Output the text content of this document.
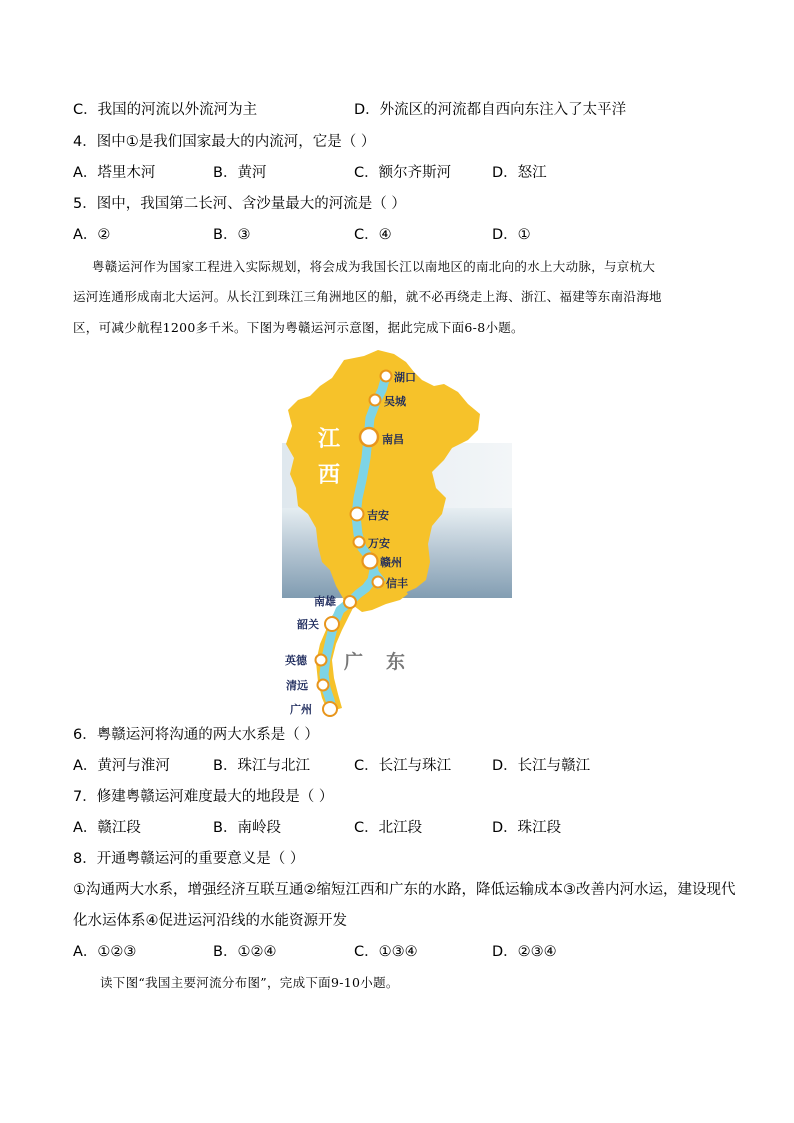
C．我国的河流以外流河为主	D．外流区的河流都自西向东注入了太平洋
4．图中①是我们国家最大的内流河，它是（ ）
A．塔里木河	B．黄河	C．额尔齐斯河	D．怒江
5．图中，我国第二长河、含沙量最大的河流是（ ）
A．②	B．③	C．④	D．①
粤赣运河作为国家工程进入实际规划，将会成为我国长江以南地区的南北向的水上大动脉，与京杭大
运河连通形成南北大运河。从长江到珠江三角洲地区的船，就不必再绕走上海、浙江、福建等东南沿海地
区，可减少航程1200多千米。下图为粤赣运河示意图，据此完成下面6-8小题。
江
西
广　东
湖口
吴城
南昌
吉安
万安
赣州
信丰
南雄
韶关
英德
清远
广州
6．粤赣运河将沟通的两大水系是（ ）
A．黄河与淮河	B．珠江与北江	C．长江与珠江	D．长江与赣江
7．修建粤赣运河难度最大的地段是（ ）
A．赣江段	B．南岭段	C．北江段	D．珠江段
8．开通粤赣运河的重要意义是（ ）
①沟通两大水系，增强经济互联互通②缩短江西和广东的水路，降低运输成本③改善内河水运，建设现代
化水运体系④促进运河沿线的水能资源开发
A．①②③	B．①②④	C．①③④	D．②③④
读下图“我国主要河流分布图”，完成下面9-10小题。
